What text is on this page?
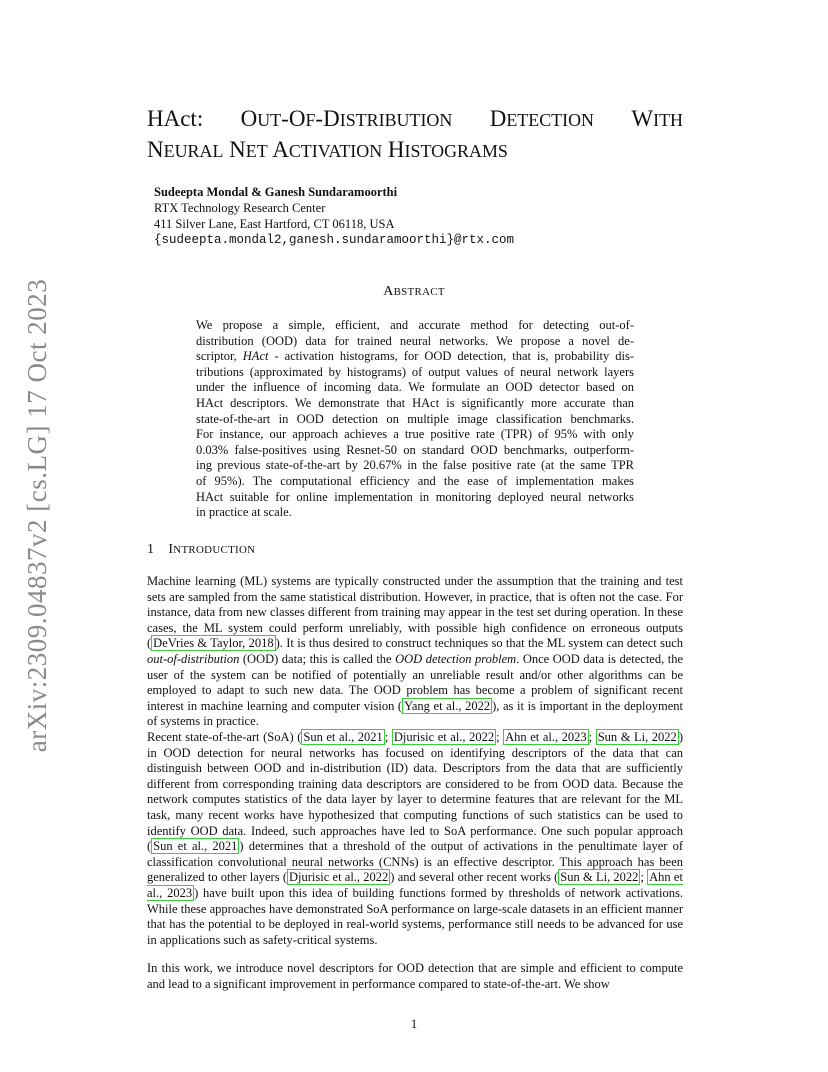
arXiv:2309.04837v2 [cs.LG] 17 Oct 2023
HAct: OUT-OF-DISTRIBUTION DETECTION WITH
NEURAL NET ACTIVATION HISTOGRAMS
Sudeepta Mondal & Ganesh Sundaramoorthi
RTX Technology Research Center
411 Silver Lane, East Hartford, CT 06118, USA
{sudeepta.mondal2,ganesh.sundaramoorthi}@rtx.com
ABSTRACT
We propose a simple, efficient, and accurate method for detecting out-of-
distribution (OOD) data for trained neural networks. We propose a novel de-
scriptor, HAct - activation histograms, for OOD detection, that is, probability dis-
tributions (approximated by histograms) of output values of neural network layers
under the influence of incoming data. We formulate an OOD detector based on
HAct descriptors. We demonstrate that HAct is significantly more accurate than
state-of-the-art in OOD detection on multiple image classification benchmarks.
For instance, our approach achieves a true positive rate (TPR) of 95% with only
0.03% false-positives using Resnet-50 on standard OOD benchmarks, outperform-
ing previous state-of-the-art by 20.67% in the false positive rate (at the same TPR
of 95%). The computational efficiency and the ease of implementation makes
HAct suitable for online implementation in monitoring deployed neural networks
in practice at scale.
1 INTRODUCTION
Machine learning (ML) systems are typically constructed under the assumption that the training and test sets are sampled from the same statistical distribution. However, in practice, that is often not the case. For instance, data from new classes different from training may appear in the test set during operation. In these cases, the ML system could perform unreliably, with possible high confidence on erroneous outputs ( DeVries & Taylor, 2018 ). It is thus desired to construct techniques so that the ML system can detect such out-of-distribution (OOD) data; this is called the OOD detection problem. Once OOD data is detected, the user of the system can be notified of potentially an unreliable result and/or other algorithms can be employed to adapt to such new data. The OOD problem has become a problem of significant recent interest in machine learning and computer vision ( Yang et al., 2022 ), as it is important in the deployment of systems in practice.
Recent state-of-the-art (SoA) ( Sun et al., 2021 ; Djurisic et al., 2022 ; Ahn et al., 2023 ; Sun & Li, 2022 ) in OOD detection for neural networks has focused on identifying descriptors of the data that can distinguish between OOD and in-distribution (ID) data. Descriptors from the data that are sufficiently different from corresponding training data descriptors are considered to be from OOD data. Because the network computes statistics of the data layer by layer to determine features that are relevant for the ML task, many recent works have hypothesized that computing functions of such statistics can be used to identify OOD data. Indeed, such approaches have led to SoA performance. One such popular approach ( Sun et al., 2021 ) determines that a threshold of the output of activations in the penultimate layer of classification convolutional neural networks (CNNs) is an effective descriptor. This approach has been generalized to other layers ( Djurisic et al., 2022 ) and several other recent works ( Sun & Li, 2022 ; Ahn et al., 2023 ) have built upon this idea of building functions formed by thresholds of network activations. While these approaches have demonstrated SoA performance on large-scale datasets in an efficient manner that has the potential to be deployed in real-world systems, performance still needs to be advanced for use in applications such as safety-critical systems.
In this work, we introduce novel descriptors for OOD detection that are simple and efficient to compute and lead to a significant improvement in performance compared to state-of-the-art. We show
1
